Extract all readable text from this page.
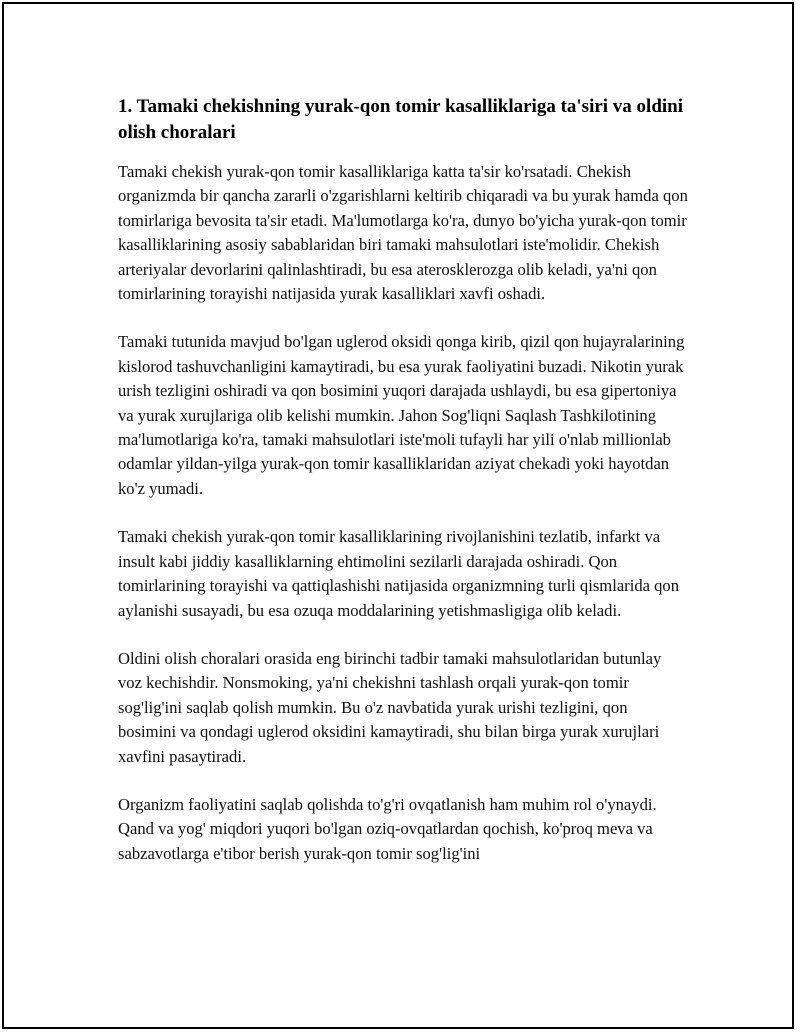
1. Tamaki chekishning yurak-qon tomir kasalliklariga ta'siri va oldini olish choralari

Tamaki chekish yurak-qon tomir kasalliklariga katta ta'sir ko'rsatadi. Chekish organizmda bir qancha zararli o'zgarishlarni keltirib chiqaradi va bu yurak hamda qon tomirlariga bevosita ta'sir etadi. Ma'lumotlarga ko'ra, dunyo bo'yicha yurak-qon tomir kasalliklarining asosiy sabablaridan biri tamaki mahsulotlari iste'molidir. Chekish arteriyalar devorlarini qalinlashtiradi, bu esa aterosklerozga olib keladi, ya'ni qon tomirlarining torayishi natijasida yurak kasalliklari xavfi oshadi.

Tamaki tutunida mavjud bo'lgan uglerod oksidi qonga kirib, qizil qon hujayralarining kislorod tashuvchanligini kamaytiradi, bu esa yurak faoliyatini buzadi. Nikotin yurak urish tezligini oshiradi va qon bosimini yuqori darajada ushlaydi, bu esa gipertoniya va yurak xurujlariga olib kelishi mumkin. Jahon Sog'liqni Saqlash Tashkilotining ma'lumotlariga ko'ra, tamaki mahsulotlari iste'moli tufayli har yili o'nlab millionlab odamlar yildan-yilga yurak-qon tomir kasalliklaridan aziyat chekadi yoki hayotdan ko'z yumadi.

Tamaki chekish yurak-qon tomir kasalliklarining rivojlanishini tezlatib, infarkt va insult kabi jiddiy kasalliklarning ehtimolini sezilarli darajada oshiradi. Qon tomirlarining torayishi va qattiqlashishi natijasida organizmning turli qismlarida qon aylanishi susayadi, bu esa ozuqa moddalarining yetishmasligiga olib keladi.

Oldini olish choralari orasida eng birinchi tadbir tamaki mahsulotlaridan butunlay voz kechishdir. Nonsmoking, ya'ni chekishni tashlash orqali yurak-qon tomir sog'lig'ini saqlab qolish mumkin. Bu o'z navbatida yurak urishi tezligini, qon bosimini va qondagi uglerod oksidini kamaytiradi, shu bilan birga yurak xurujlari xavfini pasaytiradi.

Organizm faoliyatini saqlab qolishda to'g'ri ovqatlanish ham muhim rol o'ynaydi. Qand va yog' miqdori yuqori bo'lgan oziq-ovqatlardan qochish, ko'proq meva va sabzavotlarga e'tibor berish yurak-qon tomir sog'lig'ini
